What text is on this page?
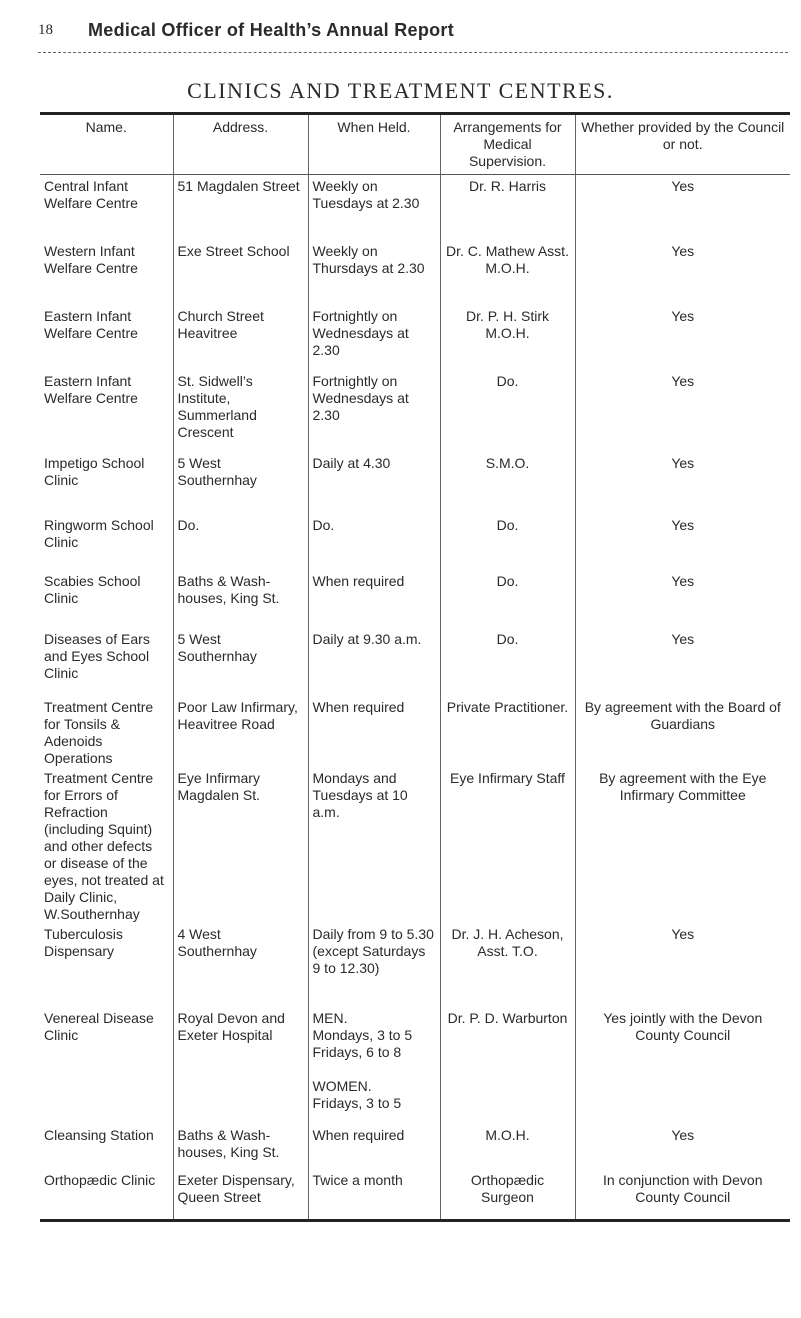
18 Medical Officer of Health’s Annual Report
CLINICS AND TREATMENT CENTRES.
Name.	Address.	When Held.	Arrangements for Medical Supervision.	Whether provided by the Council or not.
Central Infant Welfare Centre	51 Magdalen Street	Weekly on Tuesdays at 2.30	Dr. R. Harris	Yes
Western Infant Welfare Centre	Exe Street School	Weekly on Thursdays at 2.30	Dr. C. Mathew Asst. M.O.H.	Yes
Eastern Infant Welfare Centre	Church Street Heavitree	Fortnightly on Wednesdays at 2.30	Dr. P. H. Stirk M.O.H.	Yes
Eastern Infant Welfare Centre	St. Sidwell’s Institute, Summerland Crescent	Fortnightly on Wednesdays at 2.30	Do.	Yes
Impetigo School Clinic	5 West Southernhay	Daily at 4.30	S.M.O.	Yes
Ringworm School Clinic	Do.	Do.	Do.	Yes
Scabies School Clinic	Baths & Wash-houses, King St.	When required	Do.	Yes
Diseases of Ears and Eyes School Clinic	5 West Southernhay	Daily at 9.30 a.m.	Do.	Yes
Treatment Centre for Tonsils & Adenoids Operations	Poor Law Infirmary, Heavitree Road	When required	Private Practitioner.	By agreement with the Board of Guardians
Treatment Centre for Errors of Refraction (including Squint) and other defects or disease of the eyes, not treated at Daily Clinic, W.Southernhay	Eye Infirmary Magdalen St.	Mondays and Tuesdays at 10 a.m.	Eye Infirmary Staff	By agreement with the Eye Infirmary Committee
Tuberculosis Dispensary	4 West Southernhay	Daily from 9 to 5.30 (except Saturdays 9 to 12.30)	Dr. J. H. Acheson, Asst. T.O.	Yes
Venereal Disease Clinic	Royal Devon and Exeter Hospital	MEN.
Mondays, 3 to 5
Fridays, 6 to 8

WOMEN.
Fridays, 3 to 5	Dr. P. D. Warburton	Yes jointly with the Devon County Council
Cleansing Station	Baths & Wash-houses, King St.	When required	M.O.H.	Yes
Orthopædic Clinic	Exeter Dispensary, Queen Street	Twice a month	Orthopædic Surgeon	In conjunction with Devon County Council
